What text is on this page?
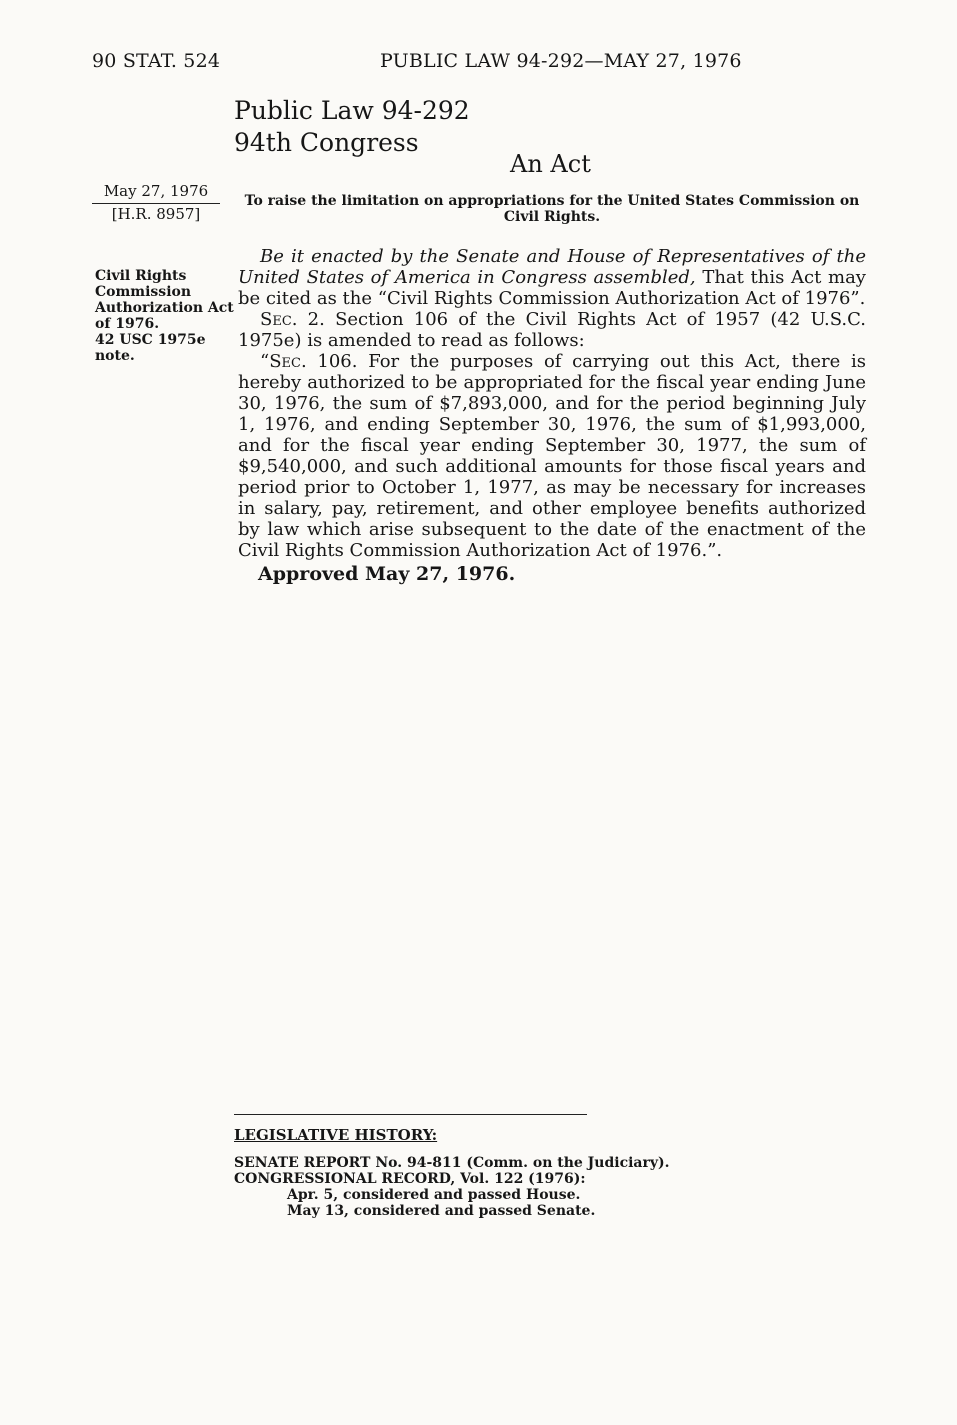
90 STAT. 524	PUBLIC LAW 94-292—MAY 27, 1976
Public Law 94-292
94th Congress
An Act
May 27, 1976
[H.R. 8957]
Civil Rights
Commission
Authorization Act
of 1976.
42 USC 1975e
note.
To raise the limitation on appropriations for the United States Commission on Civil Rights.

Be it enacted by the Senate and House of Representatives of the United States of America in Congress assembled, That this Act may be cited as the “Civil Rights Commission Authorization Act of 1976”.

Sec. 2. Section 106 of the Civil Rights Act of 1957 (42 U.S.C. 1975e) is amended to read as follows:

“Sec. 106. For the purposes of carrying out this Act, there is hereby authorized to be appropriated for the fiscal year ending June 30, 1976, the sum of $7,893,000, and for the period beginning July 1, 1976, and ending September 30, 1976, the sum of $1,993,000, and for the fiscal year ending September 30, 1977, the sum of $9,540,000, and such additional amounts for those fiscal years and period prior to October 1, 1977, as may be necessary for increases in salary, pay, retirement, and other employee benefits authorized by law which arise subsequent to the date of the enactment of the Civil Rights Commission Authorization Act of 1976.”.

Approved May 27, 1976.
LEGISLATIVE HISTORY:
SENATE REPORT No. 94-811 (Comm. on the Judiciary).
CONGRESSIONAL RECORD, Vol. 122 (1976):
Apr. 5, considered and passed House.
May 13, considered and passed Senate.
